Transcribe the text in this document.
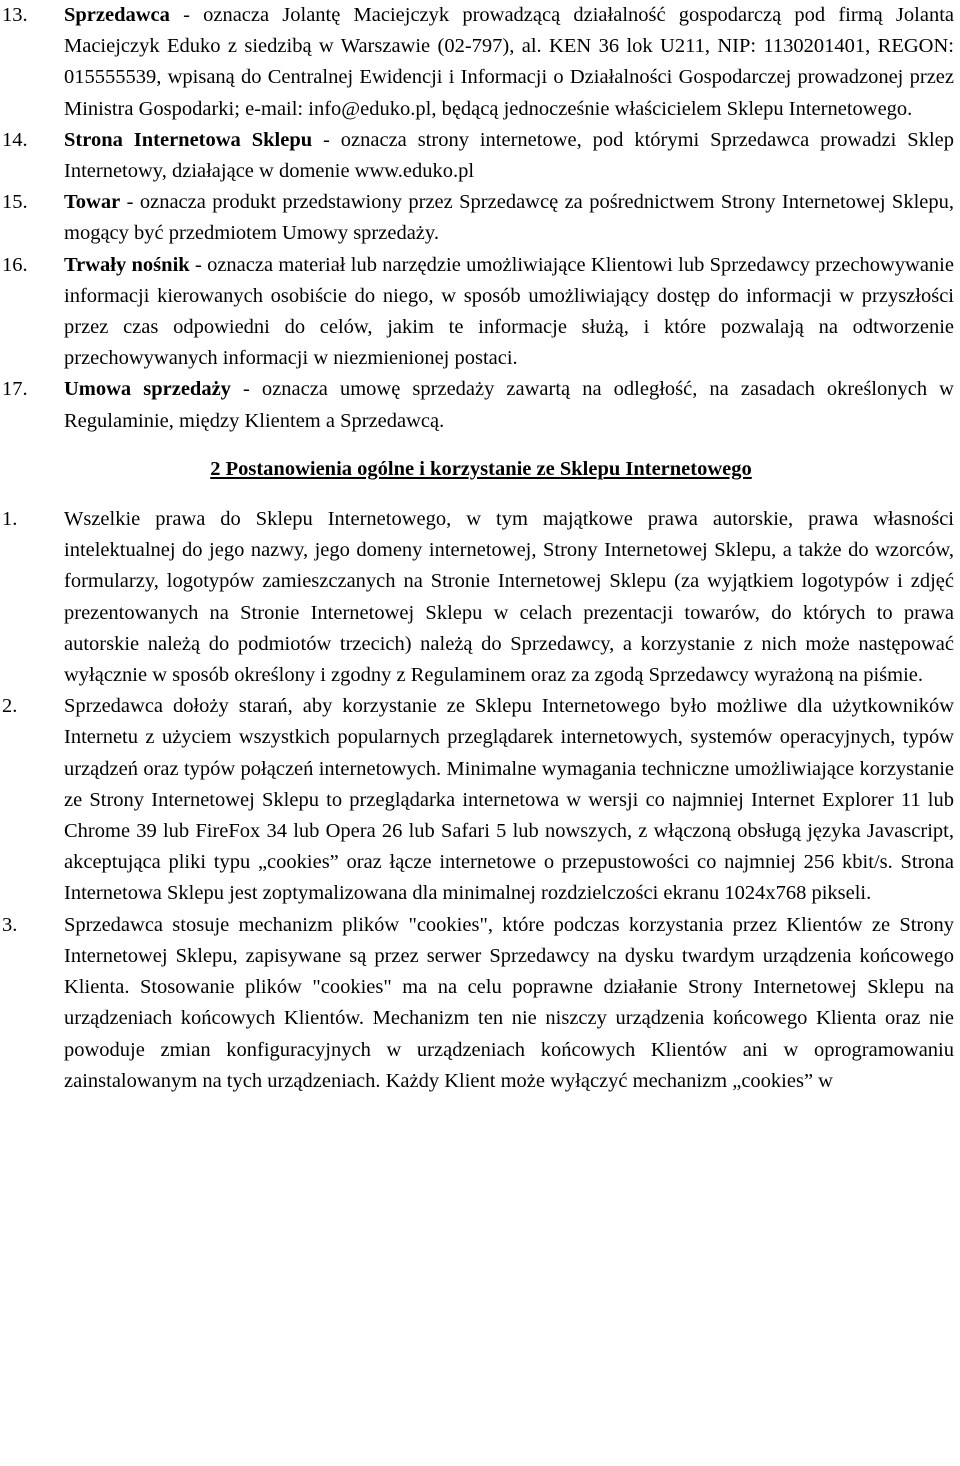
13. Sprzedawca - oznacza Jolantę Maciejczyk prowadzącą działalność gospodarczą pod firmą Jolanta Maciejczyk Eduko z siedzibą w Warszawie (02-797), al. KEN 36 lok U211, NIP: 1130201401, REGON: 015555539, wpisaną do Centralnej Ewidencji i Informacji o Działalności Gospodarczej prowadzonej przez Ministra Gospodarki; e-mail: info@eduko.pl, będącą jednocześnie właścicielem Sklepu Internetowego.
14. Strona Internetowa Sklepu - oznacza strony internetowe, pod którymi Sprzedawca prowadzi Sklep Internetowy, działające w domenie www.eduko.pl
15. Towar - oznacza produkt przedstawiony przez Sprzedawcę za pośrednictwem Strony Internetowej Sklepu, mogący być przedmiotem Umowy sprzedaży.
16. Trwały nośnik - oznacza materiał lub narzędzie umożliwiające Klientowi lub Sprzedawcy przechowywanie informacji kierowanych osobiście do niego, w sposób umożliwiający dostęp do informacji w przyszłości przez czas odpowiedni do celów, jakim te informacje służą, i które pozwalają na odtworzenie przechowywanych informacji w niezmienionej postaci.
17. Umowa sprzedaży - oznacza umowę sprzedaży zawartą na odległość, na zasadach określonych w Regulaminie, między Klientem a Sprzedawcą.
2 Postanowienia ogólne i korzystanie ze Sklepu Internetowego
1. Wszelkie prawa do Sklepu Internetowego, w tym majątkowe prawa autorskie, prawa własności intelektualnej do jego nazwy, jego domeny internetowej, Strony Internetowej Sklepu, a także do wzorców, formularzy, logotypów zamieszczanych na Stronie Internetowej Sklepu (za wyjątkiem logotypów i zdjęć prezentowanych na Stronie Internetowej Sklepu w celach prezentacji towarów, do których to prawa autorskie należą do podmiotów trzecich) należą do Sprzedawcy, a korzystanie z nich może następować wyłącznie w sposób określony i zgodny z Regulaminem oraz za zgodą Sprzedawcy wyrażoną na piśmie.
2. Sprzedawca dołoży starań, aby korzystanie ze Sklepu Internetowego było możliwe dla użytkowników Internetu z użyciem wszystkich popularnych przeglądarek internetowych, systemów operacyjnych, typów urządzeń oraz typów połączeń internetowych. Minimalne wymagania techniczne umożliwiające korzystanie ze Strony Internetowej Sklepu to przeglądarka internetowa w wersji co najmniej Internet Explorer 11 lub Chrome 39 lub FireFox 34 lub Opera 26 lub Safari 5 lub nowszych, z włączoną obsługą języka Javascript, akceptująca pliki typu „cookies” oraz łącze internetowe o przepustowości co najmniej 256 kbit/s. Strona Internetowa Sklepu jest zoptymalizowana dla minimalnej rozdzielczości ekranu 1024x768 pikseli.
3. Sprzedawca stosuje mechanizm plików "cookies", które podczas korzystania przez Klientów ze Strony Internetowej Sklepu, zapisywane są przez serwer Sprzedawcy na dysku twardym urządzenia końcowego Klienta. Stosowanie plików "cookies" ma na celu poprawne działanie Strony Internetowej Sklepu na urządzeniach końcowych Klientów. Mechanizm ten nie niszczy urządzenia końcowego Klienta oraz nie powoduje zmian konfiguracyjnych w urządzeniach końcowych Klientów ani w oprogramowaniu zainstalowanym na tych urządzeniach. Każdy Klient może wyłączyć mechanizm „cookies” w
